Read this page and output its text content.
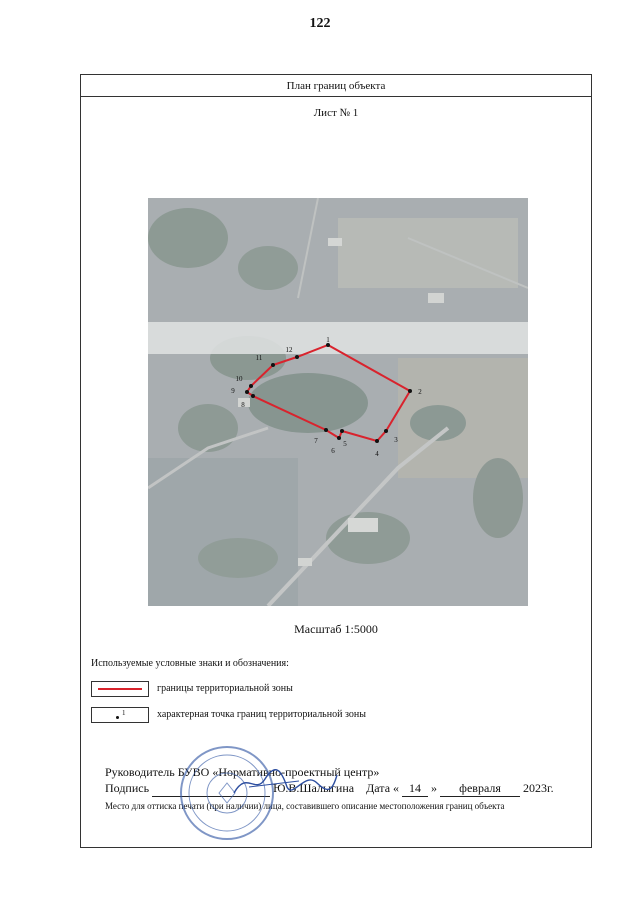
122
План границ объекта
Лист № 1
1
2
3
4
5
6
7
8
9
10
11
12
Масштаб 1:5000
Используемые условные знаки и обозначения:
границы территориальной зоны
1	характерная точка границ территориальной зоны
Руководитель БУВО «Нормативно-проектный центр»
Подпись	Ю.В.Шалыгина Дата « 14 » февраля 2023г.
Место для оттиска печати (при наличии) лица, составившего описание местоположения границ объекта
